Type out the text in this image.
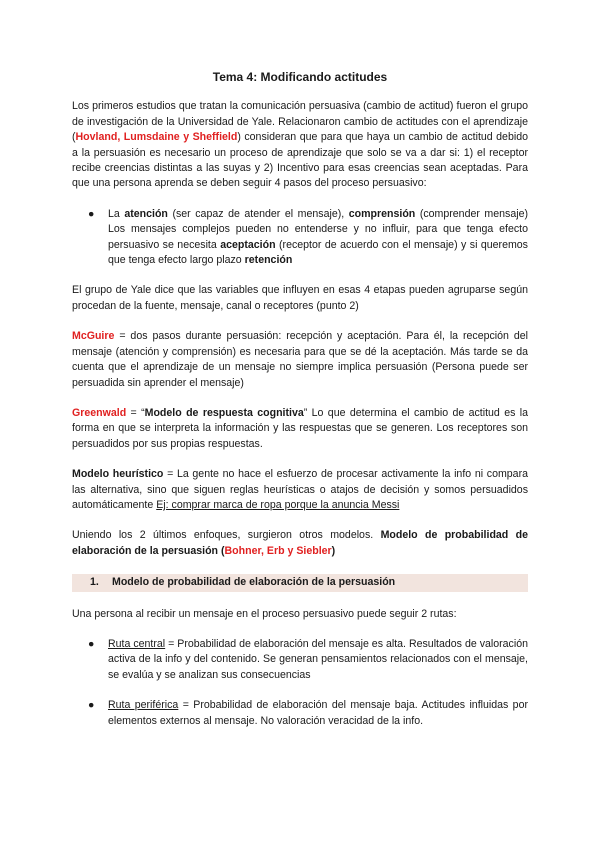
Tema 4: Modificando actitudes

Los primeros estudios que tratan la comunicación persuasiva (cambio de actitud) fueron el grupo de investigación de la Universidad de Yale. Relacionaron cambio de actitudes con el aprendizaje (Hovland, Lumsdaine y Sheffield) consideran que para que haya un cambio de actitud debido a la persuasión es necesario un proceso de aprendizaje que solo se va a dar si: 1) el receptor recibe creencias distintas a las suyas y 2) Incentivo para esas creencias sean aceptadas. Para que una persona aprenda se deben seguir 4 pasos del proceso persuasivo:

● La atención (ser capaz de atender el mensaje), comprensión (comprender mensaje) Los mensajes complejos pueden no entenderse y no influir, para que tenga efecto persuasivo se necesita aceptación (receptor de acuerdo con el mensaje) y si queremos que tenga efecto largo plazo retención

El grupo de Yale dice que las variables que influyen en esas 4 etapas pueden agruparse según procedan de la fuente, mensaje, canal o receptores (punto 2)

McGuire = dos pasos durante persuasión: recepción y aceptación. Para él, la recepción del mensaje (atención y comprensión) es necesaria para que se dé la aceptación. Más tarde se da cuenta que el aprendizaje de un mensaje no siempre implica persuasión (Persona puede ser persuadida sin aprender el mensaje)

Greenwald = “Modelo de respuesta cognitiva” Lo que determina el cambio de actitud es la forma en que se interpreta la información y las respuestas que se generen. Los receptores son persuadidos por sus propias respuestas.

Modelo heurístico = La gente no hace el esfuerzo de procesar activamente la info ni compara las alternativa, sino que siguen reglas heurísticas o atajos de decisión y somos persuadidos automáticamente Ej: comprar marca de ropa porque la anuncia Messi

Uniendo los 2 últimos enfoques, surgieron otros modelos. Modelo de probabilidad de elaboración de la persuasión (Bohner, Erb y Siebler)

1. Modelo de probabilidad de elaboración de la persuasión

Una persona al recibir un mensaje en el proceso persuasivo puede seguir 2 rutas:

● Ruta central = Probabilidad de elaboración del mensaje es alta. Resultados de valoración activa de la info y del contenido. Se generan pensamientos relacionados con el mensaje, se evalúa y se analizan sus consecuencias
● Ruta periférica = Probabilidad de elaboración del mensaje baja. Actitudes influidas por elementos externos al mensaje. No valoración veracidad de la info.
